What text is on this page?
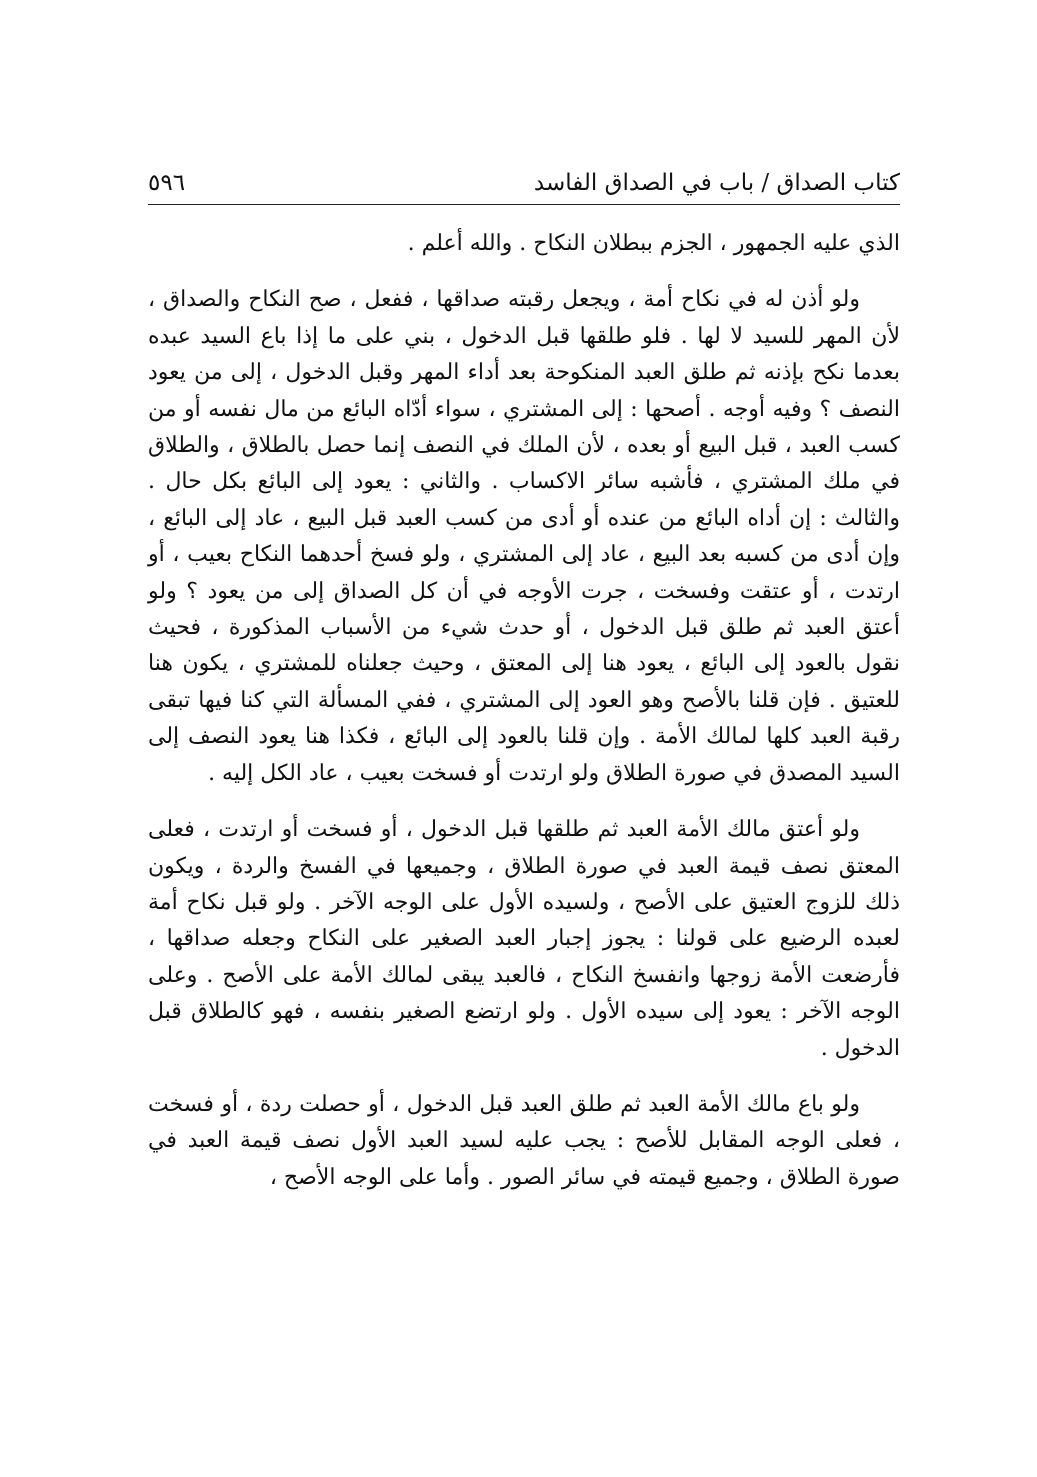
٥٩٦	كتاب الصداق / باب في الصداق الفاسد

الذي عليه الجمهور ، الجزم ببطلان النكاح . والله أعلم .

ولو أذن له في نكاح أمة ، ويجعل رقبته صداقها ، ففعل ، صح النكاح والصداق ، لأن المهر للسيد لا لها . فلو طلقها قبل الدخول ، بني على ما إذا باع السيد عبده بعدما نكح بإذنه ثم طلق العبد المنكوحة بعد أداء المهر وقبل الدخول ، إلى من يعود النصف ؟ وفيه أوجه . أصحها : إلى المشتري ، سواء أدّاه البائع من مال نفسه أو من كسب العبد ، قبل البيع أو بعده ، لأن الملك في النصف إنما حصل بالطلاق ، والطلاق في ملك المشتري ، فأشبه سائر الاكساب . والثاني : يعود إلى البائع بكل حال . والثالث : إن أداه البائع من عنده أو أدى من كسب العبد قبل البيع ، عاد إلى البائع ، وإن أدى من كسبه بعد البيع ، عاد إلى المشتري ، ولو فسخ أحدهما النكاح بعيب ، أو ارتدت ، أو عتقت وفسخت ، جرت الأوجه في أن كل الصداق إلى من يعود ؟ ولو أعتق العبد ثم طلق قبل الدخول ، أو حدث شيء من الأسباب المذكورة ، فحيث نقول بالعود إلى البائع ، يعود هنا إلى المعتق ، وحيث جعلناه للمشتري ، يكون هنا للعتيق . فإن قلنا بالأصح وهو العود إلى المشتري ، ففي المسألة التي كنا فيها تبقى رقبة العبد كلها لمالك الأمة . وإن قلنا بالعود إلى البائع ، فكذا هنا يعود النصف إلى السيد المصدق في صورة الطلاق ولو ارتدت أو فسخت بعيب ، عاد الكل إليه .

ولو أعتق مالك الأمة العبد ثم طلقها قبل الدخول ، أو فسخت أو ارتدت ، فعلى المعتق نصف قيمة العبد في صورة الطلاق ، وجميعها في الفسخ والردة ، ويكون ذلك للزوج العتيق على الأصح ، ولسيده الأول على الوجه الآخر . ولو قبل نكاح أمة لعبده الرضيع على قولنا : يجوز إجبار العبد الصغير على النكاح وجعله صداقها ، فأرضعت الأمة زوجها وانفسخ النكاح ، فالعبد يبقى لمالك الأمة على الأصح . وعلى الوجه الآخر : يعود إلى سيده الأول . ولو ارتضع الصغير بنفسه ، فهو كالطلاق قبل الدخول .

ولو باع مالك الأمة العبد ثم طلق العبد قبل الدخول ، أو حصلت ردة ، أو فسخت ، فعلى الوجه المقابل للأصح : يجب عليه لسيد العبد الأول نصف قيمة العبد في صورة الطلاق ، وجميع قيمته في سائر الصور . وأما على الوجه الأصح ،
